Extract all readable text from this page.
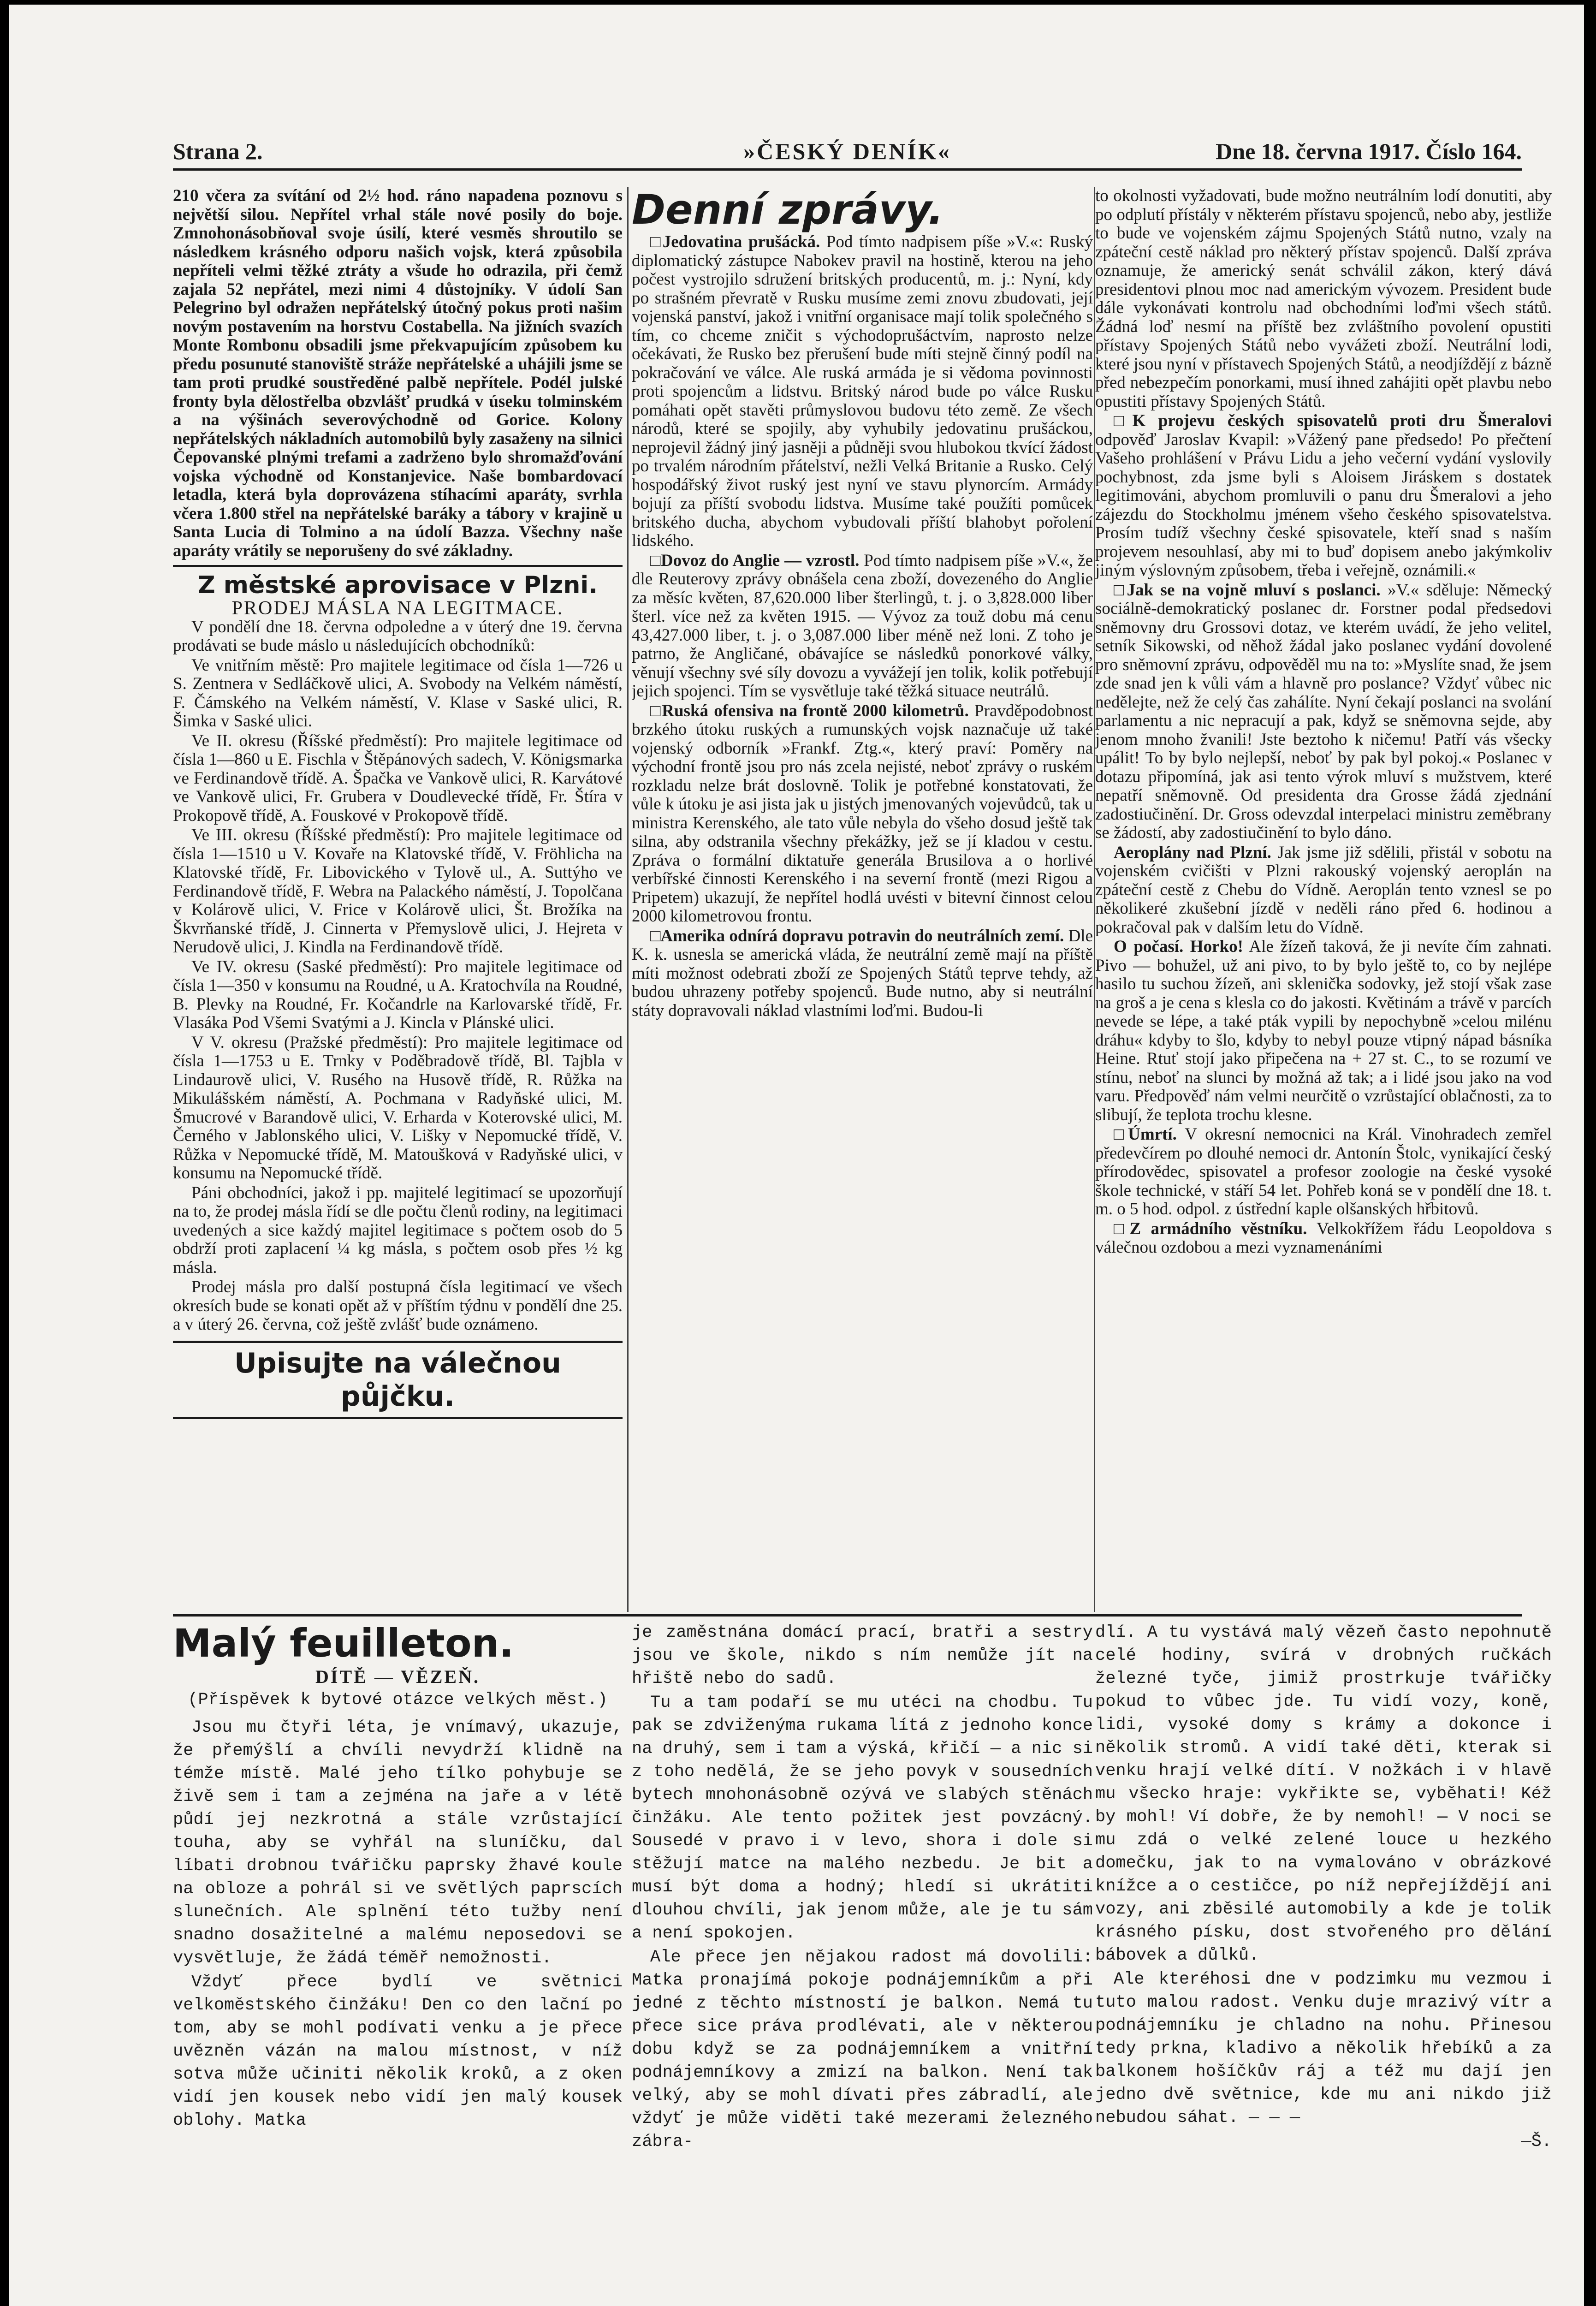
Strana 2.	»ČESKÝ DENÍK«	Dne 18. června 1917. Číslo 164.

210 včera za svítání od 2½ hod. ráno napadena poznovu s největší silou. Nepřítel vrhal stále nové posily do boje. Zmnohonásobňoval svoje úsilí, které vesměs shroutilo se následkem krásného odporu našich vojsk, která způsobila nepříteli velmi těžké ztráty a všude ho odrazila, při čemž zajala 52 nepřátel, mezi nimi 4 důstojníky. V údolí San Pelegrino byl odražen nepřátelský útočný pokus proti našim novým postavením na horstvu Costabella. Na jižních svazích Monte Rombonu obsadili jsme překvapujícím způsobem ku předu posunuté stanoviště stráže nepřátelské a uhájili jsme se tam proti prudké soustředěné palbě nepřítele. Podél julské fronty byla dělostřelba obzvlášť prudká v úseku tolminském a na výšinách severovýchodně od Gorice. Kolony nepřátelských nákladních automobilů byly zasaženy na silnici Čepovanské plnými trefami a zadrženo bylo shromažďování vojska východně od Konstanjevice. Naše bombardovací letadla, která byla doprovázena stíhacími aparáty, svrhla včera 1.800 střel na nepřátelské baráky a tábory v krajině u Santa Lucia di Tolmino a na údolí Bazza. Všechny naše aparáty vrátily se neporušeny do své základny.

Z městské aprovisace v Plzni.
PRODEJ MÁSLA NA LEGITMACE.

V pondělí dne 18. června odpoledne a v úterý dne 19. června prodávati se bude máslo u následujících obchodníků:

Ve vnitřním městě: Pro majitele legitimace od čísla 1—726 u S. Zentnera v Sedláčkově ulici, A. Svobody na Velkém náměstí, F. Čámského na Velkém náměstí, V. Klase v Saské ulici, R. Šimka v Saské ulici.

Ve II. okresu (Říšské předměstí): Pro majitele legitimace od čísla 1—860 u E. Fischla v Štěpánových sadech, V. Königsmarka ve Ferdinandově třídě. A. Špačka ve Vankově ulici, R. Karvátové ve Vankově ulici, Fr. Grubera v Doudlevecké třídě, Fr. Štíra v Prokopově třídě, A. Fouskové v Prokopově třídě.

Ve III. okresu (Říšské předměstí): Pro majitele legitimace od čísla 1—1510 u V. Kovaře na Klatovské třídě, V. Fröhlicha na Klatovské třídě, Fr. Libovického v Tylově ul., A. Suttýho ve Ferdinandově třídě, F. Webra na Palackého náměstí, J. Topolčana v Kolárově ulici, V. Frice v Kolárově ulici, Št. Brožíka na Škvrňanské třídě, J. Cinnerta v Přemyslově ulici, J. Hejreta v Nerudově ulici, J. Kindla na Ferdinandově třídě.

Ve IV. okresu (Saské předměstí): Pro majitele legitimace od čísla 1—350 v konsumu na Roudné, u A. Kratochvíla na Roudné, B. Plevky na Roudné, Fr. Kočandrle na Karlovarské třídě, Fr. Vlasáka Pod Všemi Svatými a J. Kincla v Plánské ulici.

V V. okresu (Pražské předměstí): Pro majitele legitimace od čísla 1—1753 u E. Trnky v Poděbradově třídě, Bl. Tajbla v Lindaurově ulici, V. Rusého na Husově třídě, R. Růžka na Mikulášském náměstí, A. Pochmana v Radyňské ulici, M. Šmucrové v Barandově ulici, V. Erharda v Koterovské ulici, M. Černého v Jablonského ulici, V. Lišky v Nepomucké třídě, V. Růžka v Nepomucké třídě, M. Matoušková v Radyňské ulici, v konsumu na Nepomucké třídě.

Páni obchodníci, jakož i pp. majitelé legitimací se upozorňují na to, že prodej másla řídí se dle počtu členů rodiny, na legitimaci uvedených a sice každý majitel legitimace s počtem osob do 5 obdrží proti zaplacení ¼ kg másla, s počtem osob přes ½ kg másla.

Prodej másla pro další postupná čísla legitimací ve všech okresích bude se konati opět až v příštím týdnu v pondělí dne 25. a v úterý 26. června, což ještě zvlášť bude oznámeno.

Upisujte na válečnou půjčku.
Denní zprávy.

□ Jedovatina prušácká. Pod tímto nadpisem píše »V.«: Ruský diplomatický zástupce Nabokev pravil na hostině, kterou na jeho počest vystrojilo sdružení britských producentů, m. j.: Nyní, kdy po strašném převratě v Rusku musíme zemi znovu zbudovati, její vojenská panství, jakož i vnitřní organisace mají tolik společného s tím, co chceme zničit s východoprušáctvím, naprosto nelze očekávati, že Rusko bez přerušení bude míti stejně činný podíl na pokračování ve válce. Ale ruská armáda je si vědoma povinnosti proti spojencům a lidstvu. Britský národ bude po válce Rusku pomáhati opět stavěti průmyslovou budovu této země. Ze všech národů, které se spojily, aby vyhubily jedovatinu prušáckou, neprojevil žádný jiný jasněji a půdněji svou hlubokou tkvící žádost po trvalém národním přátelství, nežli Velká Britanie a Rusko. Celý hospodářský život ruský jest nyní ve stavu plynorcím. Armády bojují za příští svobodu lidstva. Musíme také použíti pomůcek britského ducha, abychom vybudovali příští blahobyt pořolení lidského.

□ Dovoz do Anglie — vzrostl. Pod tímto nadpisem píše »V.«, že dle Reuterovy zprávy obnášela cena zboží, dovezeného do Anglie za měsíc květen, 87,620.000 liber šterlingů, t. j. o 3,828.000 liber šterl. více než za květen 1915. — Vývoz za touž dobu má cenu 43,427.000 liber, t. j. o 3,087.000 liber méně než loni. Z toho je patrno, že Angličané, obávajíce se následků ponorkové války, věnují všechny své síly dovozu a vyvážejí jen tolik, kolik potřebují jejich spojenci. Tím se vysvětluje také těžká situace neutrálů.

□ Ruská ofensiva na frontě 2000 kilometrů. Pravděpodobnost brzkého útoku ruských a rumunských vojsk naznačuje už také vojenský odborník »Frankf. Ztg.«, který praví: Poměry na východní frontě jsou pro nás zcela nejisté, neboť zprávy o ruském rozkladu nelze brát doslovně. Tolik je potřebné konstatovati, že vůle k útoku je asi jista jak u jistých jmenovaných vojevůdců, tak u ministra Kerenského, ale tato vůle nebyla do všeho dosud ještě tak silna, aby odstranila všechny překážky, jež se jí kladou v cestu. Zpráva o formální diktatuře generála Brusilova a o horlivé verbířské činnosti Kerenského i na severní frontě (mezi Rigou a Pripetem) ukazují, že nepřítel hodlá uvésti v bitevní činnost celou 2000 kilometrovou frontu.

□ Amerika odnírá dopravu potravin do neutrálních zemí. Dle K. k. usnesla se americká vláda, že neutrální země mají na příště míti možnost odebrati zboží ze Spojených Států teprve tehdy, až budou uhrazeny potřeby spojenců. Bude nutno, aby si neutrální státy dopravovali náklad vlastními loďmi. Budou-li

to okolnosti vyžadovati, bude možno neutrálním lodí donutiti, aby po odplutí přístály v některém přístavu spojenců, nebo aby, jestliže to bude ve vojenském zájmu Spojených Států nutno, vzaly na zpáteční cestě náklad pro některý přístav spojenců. Další zpráva oznamuje, že americký senát schválil zákon, který dává presidentovi plnou moc nad americkým vývozem. President bude dále vykonávati kontrolu nad obchodními loďmi všech států. Žádná loď nesmí na příště bez zvláštního povolení opustiti přístavy Spojených Států nebo vyvážeti zboží. Neutrální lodi, které jsou nyní v přístavech Spojených Států, a neodjíždějí z bázně před nebezpečím ponorkami, musí ihned zahájiti opět plavbu nebo opustiti přístavy Spojených Států.

□ K projevu českých spisovatelů proti dru Šmeralovi odpověď Jaroslav Kvapil: »Vážený pane předsedo! Po přečtení Vašeho prohlášení v Právu Lidu a jeho večerní vydání vyslovily pochybnost, zda jsme byli s Aloisem Jiráskem s dostatek legitimováni, abychom promluvili o panu dru Šmeralovi a jeho zájezdu do Stockholmu jménem všeho českého spisovatelstva. Prosím tudíž všechny české spisovatele, kteří snad s naším projevem nesouhlasí, aby mi to buď dopisem anebo jakýmkoliv jiným výslovným způsobem, třeba i veřejně, oznámili.«

□ Jak se na vojně mluví s poslanci. »V.« sděluje: Německý sociálně-demokratický poslanec dr. Forstner podal předsedovi sněmovny dru Grossovi dotaz, ve kterém uvádí, že jeho velitel, setník Sikowski, od něhož žádal jako poslanec vydání dovolené pro sněmovní zprávu, odpověděl mu na to: »Myslíte snad, že jsem zde snad jen k vůli vám a hlavně pro poslance? Vždyť vůbec nic nedělejte, než že celý čas zahálíte. Nyní čekají poslanci na svolání parlamentu a nic nepracují a pak, když se sněmovna sejde, aby jenom mnoho žvanili! Jste beztoho k ničemu! Patří vás všecky upálit! To by bylo nejlepší, neboť by pak byl pokoj.« Poslanec v dotazu připomíná, jak asi tento výrok mluví s mužstvem, které nepatří sněmovně. Od presidenta dra Grosse žádá zjednání zadostiučinění. Dr. Gross odevzdal interpelaci ministru zeměbrany se žádostí, aby zadostiučinění to bylo dáno.

Aeroplány nad Plzní. Jak jsme již sdělili, přistál v sobotu na vojenském cvičišti v Plzni rakouský vojenský aeroplán na zpáteční cestě z Chebu do Vídně. Aeroplán tento vznesl se po několikeré zkušební jízdě v neděli ráno před 6. hodinou a pokračoval pak v dalším letu do Vídně.

O počasí. Horko! Ale žízeň taková, že ji nevíte čím zahnati. Pivo — bohužel, už ani pivo, to by bylo ještě to, co by nejlépe hasilo tu suchou žízeň, ani sklenička sodovky, jež stojí však zase na groš a je cena s klesla co do jakosti. Květinám a trávě v parcích nevede se lépe, a také pták vypili by nepochybně »celou milénu dráhu« kdyby to šlo, kdyby to nebyl pouze vtipný nápad básníka Heine. Rtuť stojí jako připečena na + 27 st. C., to se rozumí ve stínu, neboť na slunci by možná až tak; a i lidé jsou jako na vod varu. Předpověď nám velmi neurčitě o vzrůstající oblačnosti, za to slibují, že teplota trochu klesne.

□ Úmrtí. V okresní nemocnici na Král. Vinohradech zemřel předevčírem po dlouhé nemoci dr. Antonín Štolc, vynikající český přírodovědec, spisovatel a profesor zoologie na české vysoké škole technické, v stáří 54 let. Pohřeb koná se v pondělí dne 18. t. m. o 5 hod. odpol. z ústřední kaple olšanských hřbitovů.

□ Z armádního věstníku. Velkokřížem řádu Leopoldova s válečnou ozdobou a mezi vyznamenáními

Malý feuilleton.
DÍTĚ — VĚZEŇ.
(Příspěvek k bytové otázce velkých měst.)

Jsou mu čtyři léta, je vnímavý, ukazuje, že přemýšlí a chvíli nevydrží klidně na témže místě. Malé jeho tílko pohybuje se živě sem i tam a zejména na jaře a v létě půdí jej nezkrotná a stále vzrůstající touha, aby se vyhřál na sluníčku, dal líbati drobnou tvářičku paprsky žhavé koule na obloze a pohrál si ve světlých paprscích slunečních. Ale splnění této tužby není snadno dosažitelné a malému neposedovi se vysvětluje, že žádá téměř nemožnosti.

Vždyť přece bydlí ve světnici velkoměstského činžáku! Den co den lační po tom, aby se mohl podívati venku a je přece uvězněn vázán na malou místnost, v níž sotva může učiniti několik kroků, a z oken vidí jen kousek nebo vidí jen malý kousek oblohy. Matka

je zaměstnána domácí prací, bratři a sestry jsou ve škole, nikdo s ním nemůže jít na hřiště nebo do sadů.

Tu a tam podaří se mu utéci na chodbu. Tu pak se zdviženýma rukama lítá z jednoho konce na druhý, sem i tam a výská, křičí — a nic si z toho nedělá, že se jeho povyk v sousedních bytech mnohonásobně ozývá ve slabých stěnách činžáku. Ale tento požitek jest povzácný. Sousedé v pravo i v levo, shora i dole si stěžují matce na malého nezbedu. Je bit a musí být doma a hodný; hledí si ukrátiti dlouhou chvíli, jak jenom může, ale je tu sám a není spokojen.

Ale přece jen nějakou radost má dovolili: Matka pronajímá pokoje podnájemníkům a při jedné z těchto místností je balkon. Nemá tu přece sice práva prodlévati, ale v některou dobu když se za podnájemníkem a vnitřní podnájemníkovy a zmizí na balkon. Není tak velký, aby se mohl dívati přes zábradlí, ale vždyť je může viděti také mezerami železného zábra-

dlí. A tu vystává malý vězeň často nepohnutě celé hodiny, svírá v drobných ručkách železné tyče, jimiž prostrkuje tvářičky pokud to vůbec jde. Tu vidí vozy, koně, lidi, vysoké domy s krámy a dokonce i několik stromů. A vidí také děti, kterak si venku hrají velké dítí. V nožkách i v hlavě mu všecko hraje: vykřikte se, vyběhati! Kéž by mohl! Ví dobře, že by nemohl! — V noci se mu zdá o velké zelené louce u hezkého domečku, jak to na vymalováno v obrázkové knížce a o cestičce, po níž nepřejíždějí ani vozy, ani zběsilé automobily a kde je tolik krásného písku, dost stvořeného pro dělání bábovek a důlků.

Ale kteréhosi dne v podzimku mu vezmou i tuto malou radost. Venku duje mrazivý vítr a podnájemníku je chladno na nohu. Přinesou tedy prkna, kladivo a několik hřebíků a za balkonem hošíčkův ráj a též mu dají jen jedno dvě světnice, kde mu ani nikdo již nebudou sáhat. — — —

—Š.
